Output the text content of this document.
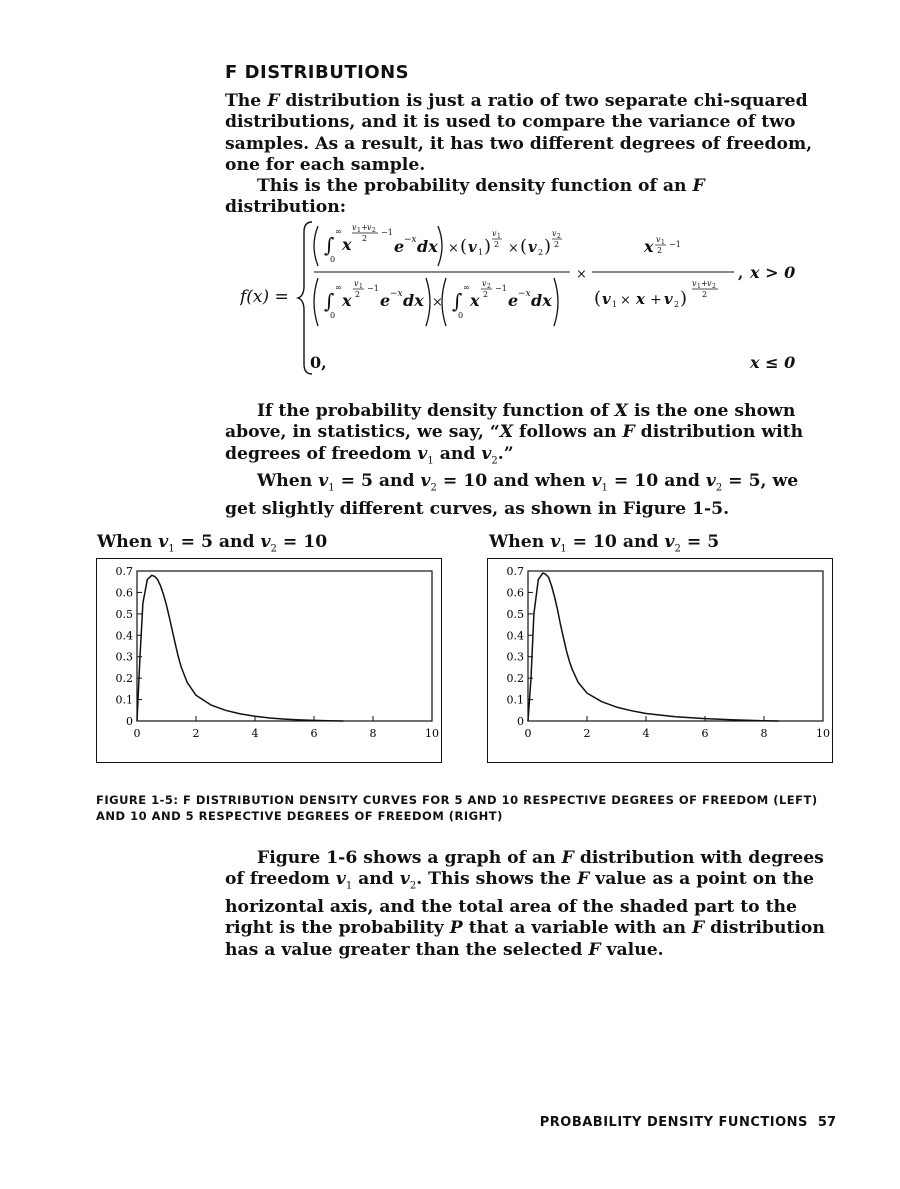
F DISTRIBUTIONS
The F distribution is just a ratio of two separate chi-squared distributions, and it is used to compare the variance of two samples. As a result, it has two different degrees of freedom, one for each sample.
This is the probability density function of an F distribution:
f(x) =
∫
0
∞
x
v 1 + v 2
2
−1
e −x dx × ( v 1 )
v 1
2 × ( v 2 )
v 2
2
∫
0
∞
x
v 1
2
−1
e −x dx × ∫
0
∞
x
v 2
2
−1
e −x dx
×
x v 1
2
−1
( v 1 × x + v 2 )
v 1 + v 2
2
, x > 0
0,	x ≤ 0
If the probability density function of X is the one shown above, in statistics, we say, “X follows an F distribution with degrees of freedom $v_1$ and $v_2$.”
When $v_1 = 5$ and $v_2 = 10$ and when $v_1 = 10$ and $v_2 = 5$, we get slightly different curves, as shown in Figure 1-5.
When $v_1 = 5$ and $v_2 = 10$	When $v_1 = 10$ and $v_2 = 5$
0
0.1
0.2
0.3
0.4
0.5
0.6
0.7
0	2	4	6	8	10
0
0.1
0.2
0.3
0.4
0.5
0.6
0.7
0	2	4	6	8	10
FIGURE 1-5: F DISTRIBUTION DENSITY CURVES FOR 5 AND 10 RESPECTIVE DEGREES OF FREEDOM (LEFT) AND 10 AND 5 RESPECTIVE DEGREES OF FREEDOM (RIGHT)
Figure 1-6 shows a graph of an F distribution with degrees of freedom $v_1$ and $v_2$. This shows the F value as a point on the horizontal axis, and the total area of the shaded part to the right is the probability P that a variable with an F distribution has a value greater than the selected F value.
PROBABILITY DENSITY FUNCTIONS 57
